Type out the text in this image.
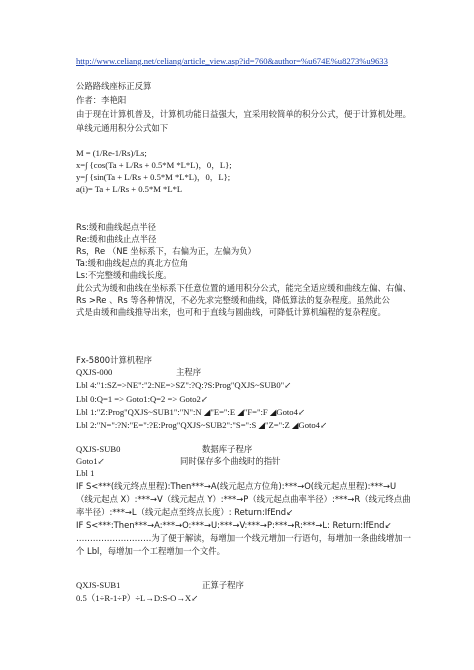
http://www.celiang.net/celiang/article_view.asp?id=760&author=%u674E%u8273%u9633
公路路线座标正反算
作者：李艳阳
由于现在计算机普及，计算机功能日益强大，宜采用较简单的积分公式，便于计算机处理。
单线元通用积分公式如下
M = (1/Re-1/Rs)/Ls;
x=∫ {cos(Ta + L/Rs + 0.5*M *L*L)，0，L};
y=∫ {sin(Ta + L/Rs + 0.5*M *L*L)，0，L};
a(i)= Ta + L/Rs + 0.5*M *L*L
Rs:缓和曲线起点半径
Re:缓和曲线止点半径
Rs，Re （NE 坐标系下，右偏为正，左偏为负）
Ta:缓和曲线起点的真北方位角
Ls:不完整缓和曲线长度。
此公式为缓和曲线在坐标系下任意位置的通用积分公式，能完全适应缓和曲线左偏、右偏、
Rs >Re 、Rs 等各种情况，不必先求完整缓和曲线，降低算法的复杂程度。虽然此公
式是由缓和曲线推导出来，也可和于直线与圆曲线，可降低计算机编程的复杂程度。
Fx-5800计算机程序
QXJS-000	主程序
Lbl 4:"1:SZ=>NE":"2:NE=>SZ":?Q:?S:Prog"QXJS~SUB0"↙
Lbl 0:Q=1 => Goto1:Q=2 => Goto2↙
Lbl 1:"Z:Prog"QXJS~SUB1":"N":N ◢"E=":E ◢"F=":F ◢Goto4↙
Lbl 2:"N=":?N:"E=":?E:Prog"QXJS~SUB2":"S=":S ◢"Z=":Z ◢Goto4↙
QXJS-SUB0	数据库子程序
Goto1↙	同时保存多个曲线时的指针
Lbl 1
IF S<***(线元终点里程):Then***→A(线元起点方位角):***→O(线元起点里程):***→U
（线元起点 X）:***→V（线元起点 Y）:***→P（线元起点曲率半径）:***→R（线元终点曲
率半径）:***→L（线元起点至终点长度）: Return:IfEnd↙
IF S<***:Then***→A:***→O:***→U:***→V:***→P:***→R:***→L: Return:IfEnd↙
………………………为了便于解读，每增加一个线元增加一行语句，每增加一条曲线增加一
个 Lbl，每增加一个工程增加一个文件。
QXJS-SUB1	正算子程序
0.5（1÷R-1÷P）÷L→D:S-O→X↙
